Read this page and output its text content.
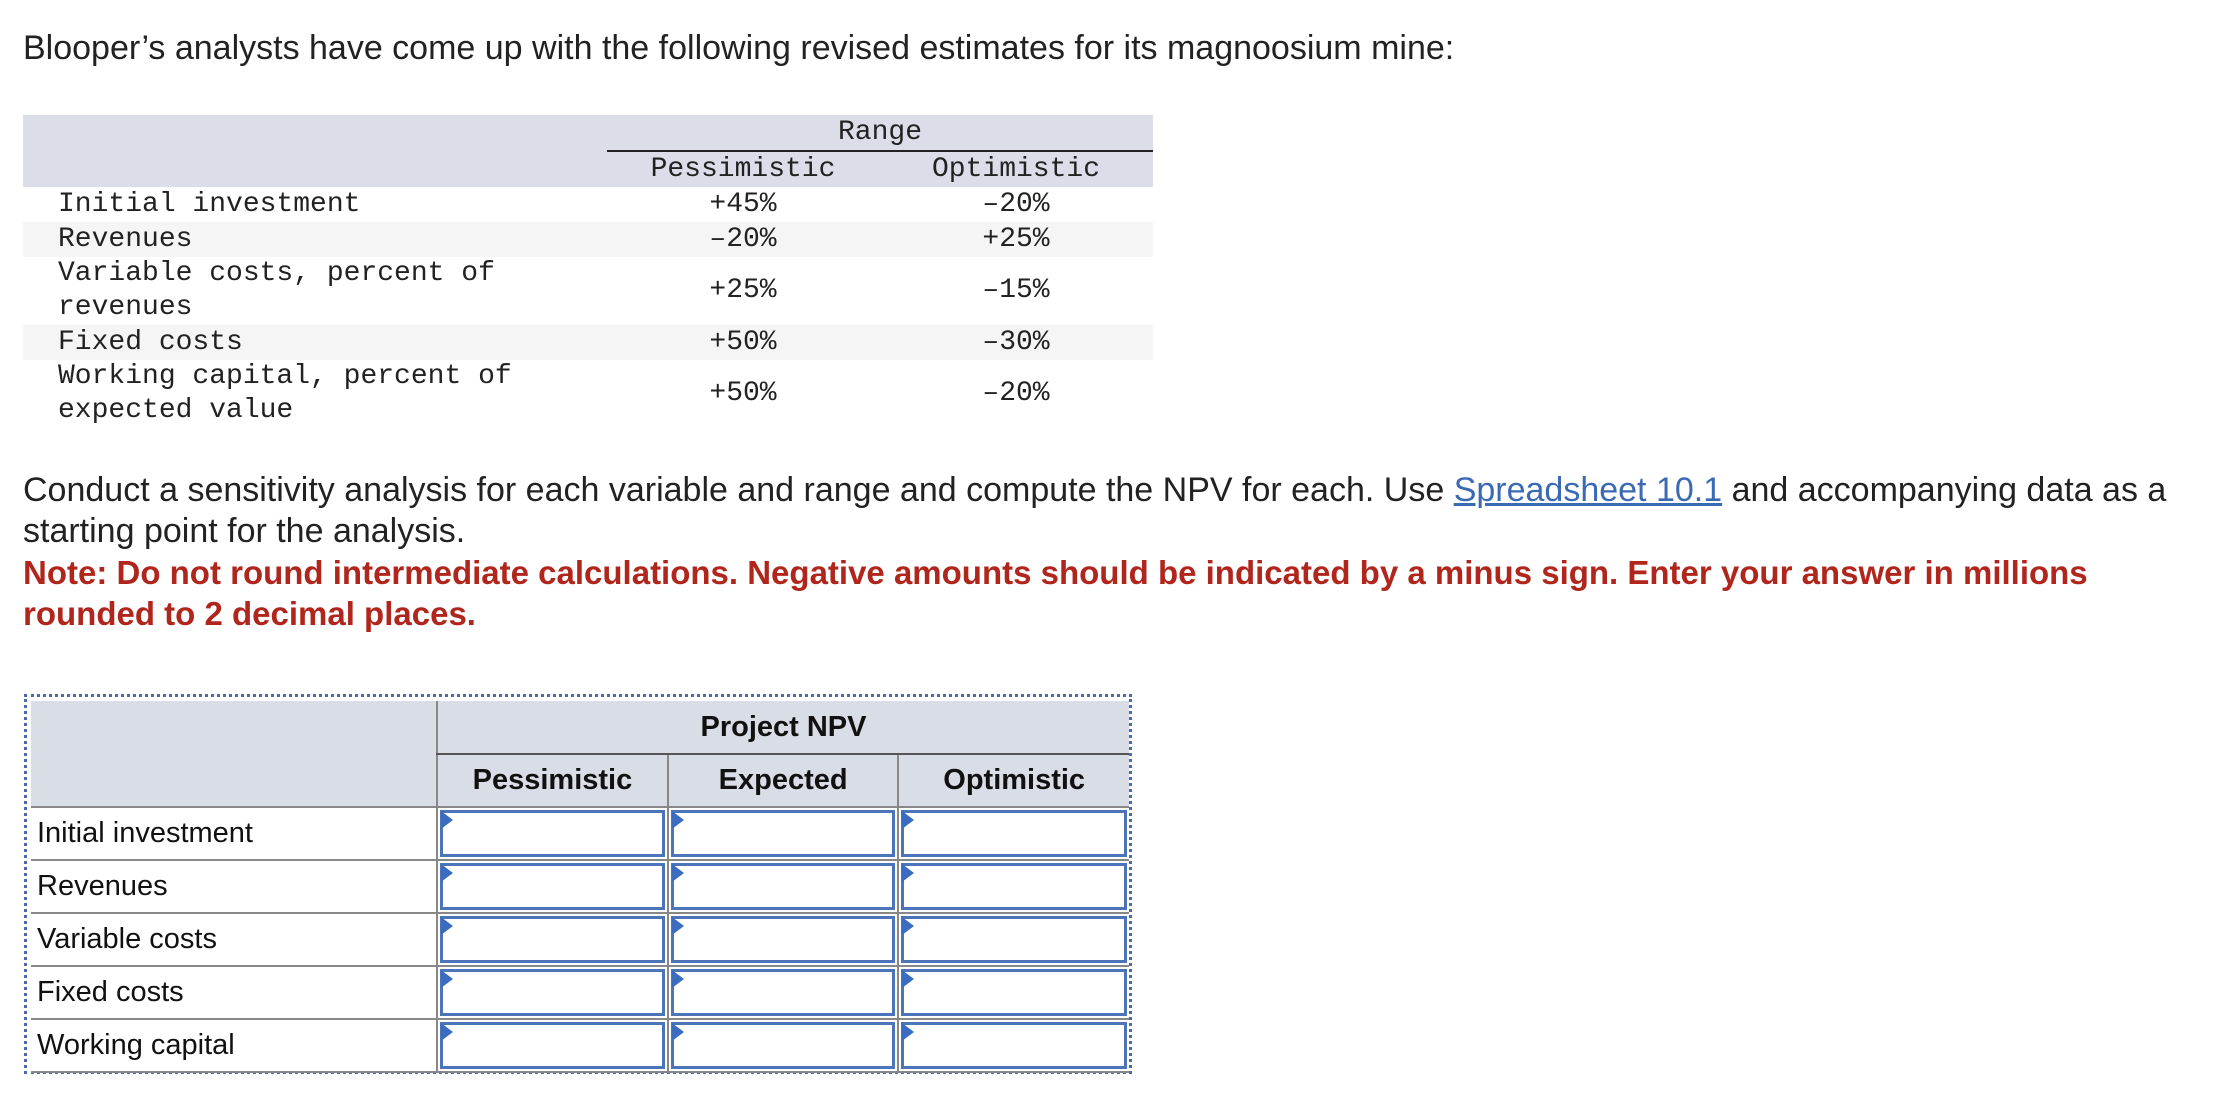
Blooper’s analysts have come up with the following revised estimates for its magnoosium mine:

	Range	
	Pessimistic	Optimistic
Initial investment	+45%	–20%
Revenues	–20%	+25%
Variable costs, percent of revenues	+25%	–15%
Fixed costs	+50%	–30%
Working capital, percent of expected value	+50%	–20%

Conduct a sensitivity analysis for each variable and range and compute the NPV for each. Use Spreadsheet 10.1 and accompanying data as a starting point for the analysis.

Note: Do not round intermediate calculations. Negative amounts should be indicated by a minus sign. Enter your answer in millions rounded to 2 decimal places.

	Project NPV		
	Pessimistic	Expected	Optimistic
Initial investment	

Revenues	

Variable costs	

Fixed costs	

Working capital	
